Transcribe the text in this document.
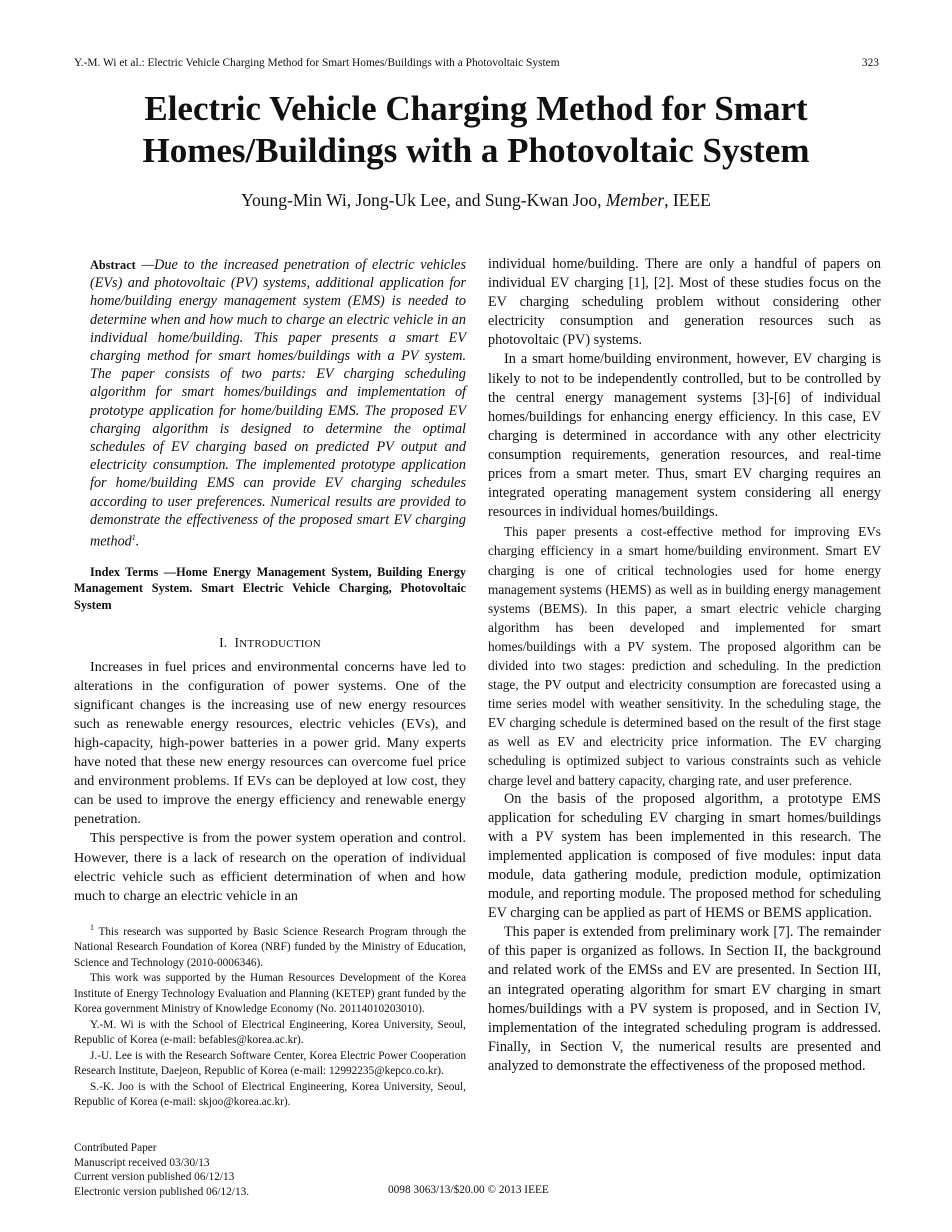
Y.-M. Wi et al.: Electric Vehicle Charging Method for Smart Homes/Buildings with a Photovoltaic System	323
Electric Vehicle Charging Method for Smart
Homes/Buildings with a Photovoltaic System
Young-Min Wi, Jong-Uk Lee, and Sung-Kwan Joo, Member, IEEE

Abstract —Due to the increased penetration of electric vehicles (EVs) and photovoltaic (PV) systems, additional application for home/building energy management system (EMS) is needed to determine when and how much to charge an electric vehicle in an individual home/building. This paper presents a smart EV charging method for smart homes/buildings with a PV system. The paper consists of two parts: EV charging scheduling algorithm for smart homes/buildings and implementation of prototype application for home/building EMS. The proposed EV charging algorithm is designed to determine the optimal schedules of EV charging based on predicted PV output and electricity consumption. The implemented prototype application for home/building EMS can provide EV charging schedules according to user preferences. Numerical results are provided to demonstrate the effectiveness of the proposed smart EV charging method$^1$.

Index Terms —Home Energy Management System, Building Energy Management System. Smart Electric Vehicle Charging, Photovoltaic System

I. INTRODUCTION

Increases in fuel prices and environmental concerns have led to alterations in the configuration of power systems. One of the significant changes is the increasing use of new energy resources such as renewable energy resources, electric vehicles (EVs), and high-capacity, high-power batteries in a power grid. Many experts have noted that these new energy resources can overcome fuel price and environment problems. If EVs can be deployed at low cost, they can be used to improve the energy efficiency and renewable energy penetration.

This perspective is from the power system operation and control. However, there is a lack of research on the operation of individual electric vehicle such as efficient determination of when and how much to charge an electric vehicle in an

$^1$ This research was supported by Basic Science Research Program through the National Research Foundation of Korea (NRF) funded by the Ministry of Education, Science and Technology (2010-0006346).

This work was supported by the Human Resources Development of the Korea Institute of Energy Technology Evaluation and Planning (KETEP) grant funded by the Korea government Ministry of Knowledge Economy (No. 20114010203010).

Y.-M. Wi is with the School of Electrical Engineering, Korea University, Seoul, Republic of Korea (e-mail: befables@korea.ac.kr).

J.-U. Lee is with the Research Software Center, Korea Electric Power Cooperation Research Institute, Daejeon, Republic of Korea (e-mail: 12992235@kepco.co.kr).

S.-K. Joo is with the School of Electrical Engineering, Korea University, Seoul, Republic of Korea (e-mail: skjoo@korea.ac.kr).

individual home/building. There are only a handful of papers on individual EV charging [1], [2]. Most of these studies focus on the EV charging scheduling problem without considering other electricity consumption and generation resources such as photovoltaic (PV) systems.

In a smart home/building environment, however, EV charging is likely to not to be independently controlled, but to be controlled by the central energy management systems [3]-[6] of individual homes/buildings for enhancing energy efficiency. In this case, EV charging is determined in accordance with any other electricity consumption requirements, generation resources, and real-time prices from a smart meter. Thus, smart EV charging requires an integrated operating management system considering all energy resources in individual homes/buildings.

This paper presents a cost-effective method for improving EVs charging efficiency in a smart home/building environment. Smart EV charging is one of critical technologies used for home energy management systems (HEMS) as well as in building energy management systems (BEMS). In this paper, a smart electric vehicle charging algorithm has been developed and implemented for smart homes/buildings with a PV system. The proposed algorithm can be divided into two stages: prediction and scheduling. In the prediction stage, the PV output and electricity consumption are forecasted using a time series model with weather sensitivity. In the scheduling stage, the EV charging schedule is determined based on the result of the first stage as well as EV and electricity price information. The EV charging scheduling is optimized subject to various constraints such as vehicle charge level and battery capacity, charging rate, and user preference.

On the basis of the proposed algorithm, a prototype EMS application for scheduling EV charging in smart homes/buildings with a PV system has been implemented in this research. The implemented application is composed of five modules: input data module, data gathering module, prediction module, optimization module, and reporting module. The proposed method for scheduling EV charging can be applied as part of HEMS or BEMS application.

This paper is extended from preliminary work [7]. The remainder of this paper is organized as follows. In Section II, the background and related work of the EMSs and EV are presented. In Section III, an integrated operating algorithm for smart EV charging in smart homes/buildings with a PV system is proposed, and in Section IV, implementation of the integrated scheduling program is addressed. Finally, in Section V, the numerical results are presented and analyzed to demonstrate the effectiveness of the proposed method.

Contributed Paper
Manuscript received 03/30/13
Current version published 06/12/13
Electronic version published 06/12/13.	0098 3063/13/$20.00 © 2013 IEEE
